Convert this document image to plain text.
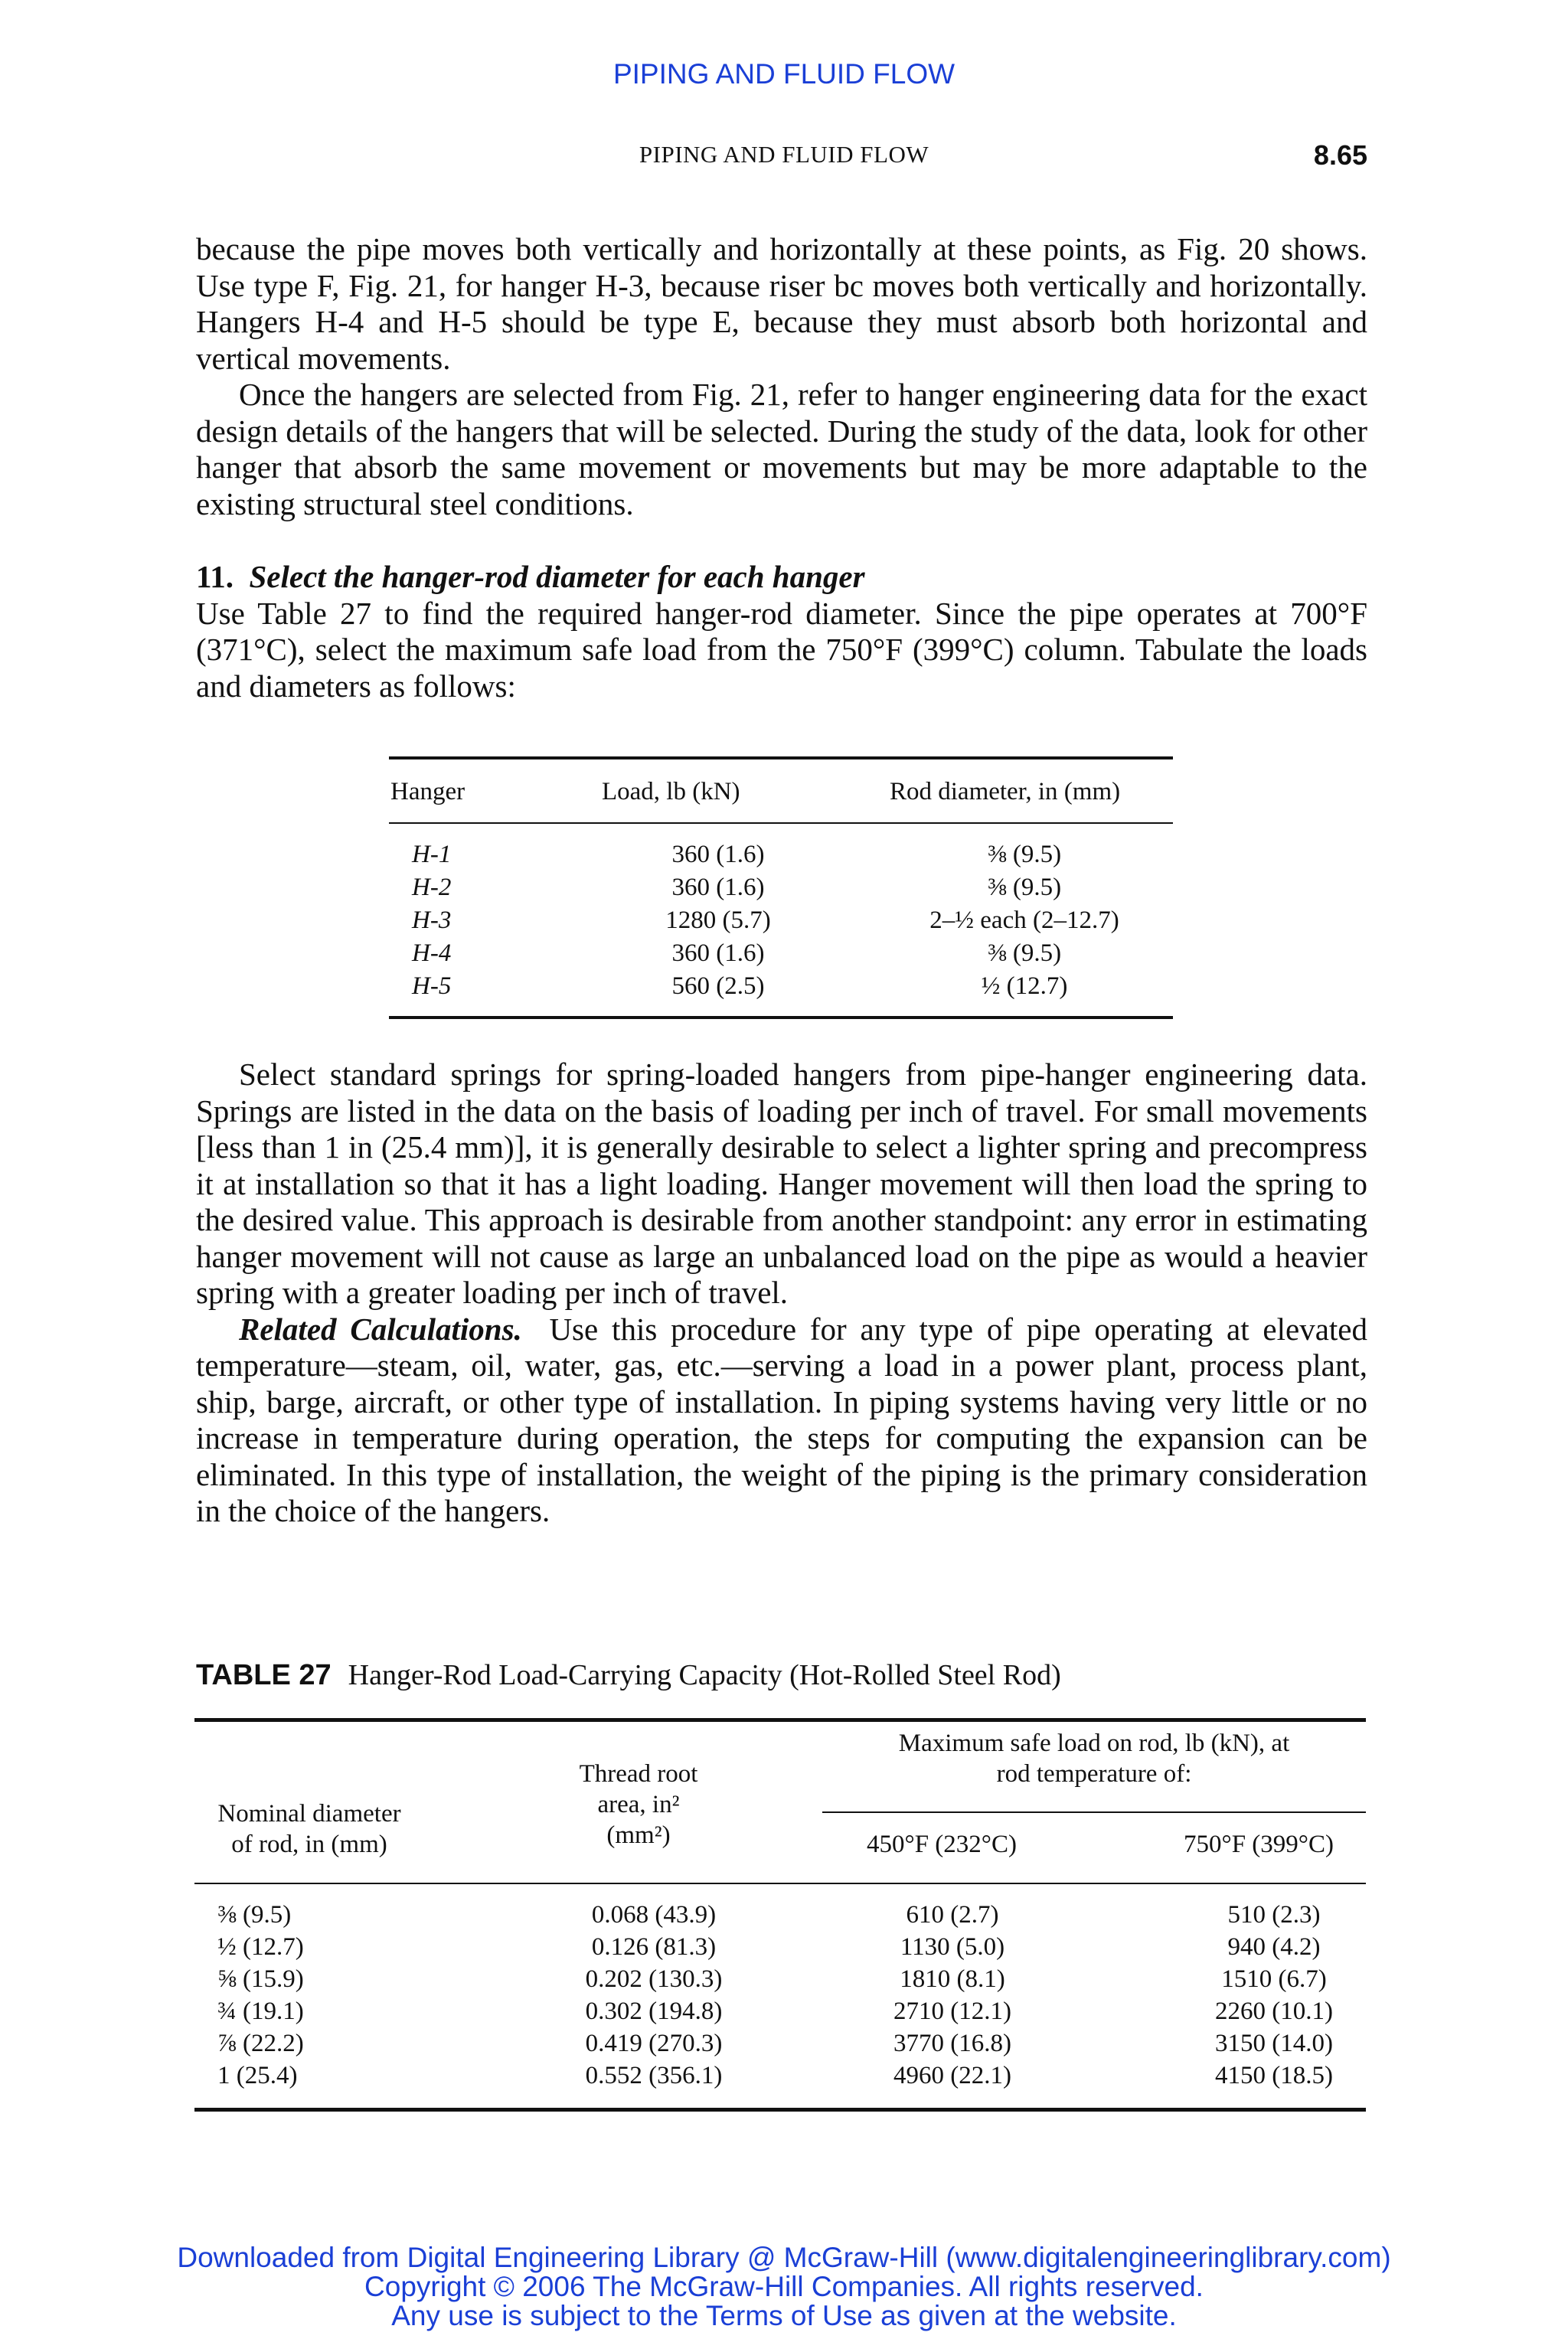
PIPING AND FLUID FLOW
PIPING AND FLUID FLOW	8.65

because the pipe moves both vertically and horizontally at these points, as Fig. 20 shows. Use type F, Fig. 21, for hanger H-3, because riser bc moves both vertically and horizontally. Hangers H-4 and H-5 should be type E, because they must absorb both horizontal and vertical movements.

Once the hangers are selected from Fig. 21, refer to hanger engineering data for the exact design details of the hangers that will be selected. During the study of the data, look for other hanger that absorb the same movement or movements but may be more adaptable to the existing structural steel conditions.

11. Select the hanger-rod diameter for each hanger

Use Table 27 to find the required hanger-rod diameter. Since the pipe operates at 700°F (371°C), select the maximum safe load from the 750°F (399°C) column. Tabulate the loads and diameters as follows:

Hanger	Load, lb (kN)	Rod diameter, in (mm)
H-1	360 (1.6)	⅜ (9.5)
H-2	360 (1.6)	⅜ (9.5)
H-3	1280 (5.7)	2–½ each (2–12.7)
H-4	360 (1.6)	⅜ (9.5)
H-5	560 (2.5)	½ (12.7)

Select standard springs for spring-loaded hangers from pipe-hanger engineering data. Springs are listed in the data on the basis of loading per inch of travel. For small movements [less than 1 in (25.4 mm)], it is generally desirable to select a lighter spring and precompress it at installation so that it has a light loading. Hanger movement will then load the spring to the desired value. This approach is desirable from another standpoint: any error in estimating hanger movement will not cause as large an unbalanced load on the pipe as would a heavier spring with a greater loading per inch of travel.

Related Calculations. Use this procedure for any type of pipe operating at elevated temperature—steam, oil, water, gas, etc.—serving a load in a power plant, process plant, ship, barge, aircraft, or other type of installation. In piping systems having very little or no increase in temperature during operation, the steps for computing the expansion can be eliminated. In this type of installation, the weight of the piping is the primary consideration in the choice of the hangers.

TABLE 27 Hanger-Rod Load-Carrying Capacity (Hot-Rolled Steel Rod)
Nominal diameter
of rod, in (mm)
Thread root
area, in²
(mm²)
Maximum safe load on rod, lb (kN), at
rod temperature of:
450°F (232°C)	750°F (399°C)
⅜ (9.5)	0.068 (43.9)	610 (2.7)	510 (2.3)
½ (12.7)	0.126 (81.3)	1130 (5.0)	940 (4.2)
⅝ (15.9)	0.202 (130.3)	1810 (8.1)	1510 (6.7)
¾ (19.1)	0.302 (194.8)	2710 (12.1)	2260 (10.1)
⅞ (22.2)	0.419 (270.3)	3770 (16.8)	3150 (14.0)
1 (25.4)	0.552 (356.1)	4960 (22.1)	4150 (18.5)
Downloaded from Digital Engineering Library @ McGraw-Hill (www.digitalengineeringlibrary.com)
Copyright © 2006 The McGraw-Hill Companies. All rights reserved.
Any use is subject to the Terms of Use as given at the website.
